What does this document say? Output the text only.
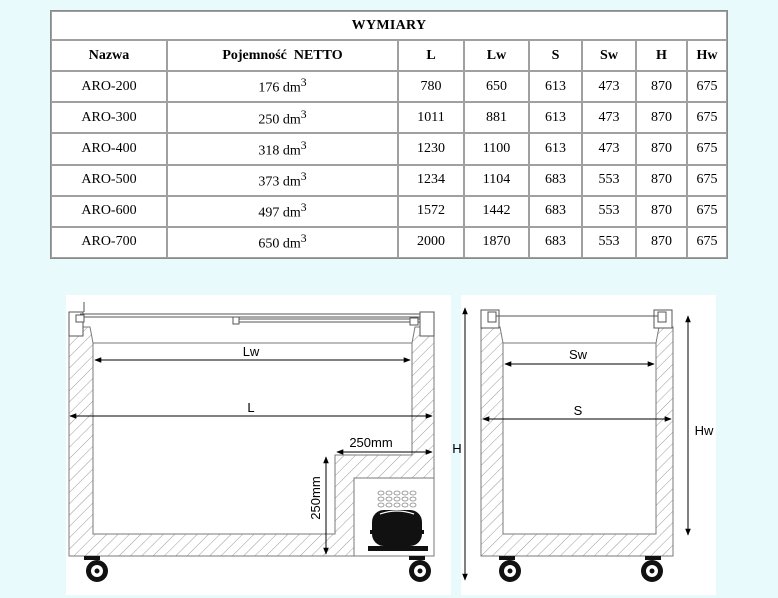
WYMIARY							
Nazwa	Pojemność  NETTO	L	Lw	S	Sw	H	Hw
ARO-200	176 $dm^3$	780	650	613	473	870	675
ARO-300	250 $dm^3$	1011	881	613	473	870	675
ARO-400	318 $dm^3$	1230	1100	613	473	870	675
ARO-500	373 $dm^3$	1234	1104	683	553	870	675
ARO-600	497 $dm^3$	1572	1442	683	553	870	675
ARO-700	650 $dm^3$	2000	1870	683	553	870	675
Lw
L
250mm
250mm
H
Sw
S
Hw
